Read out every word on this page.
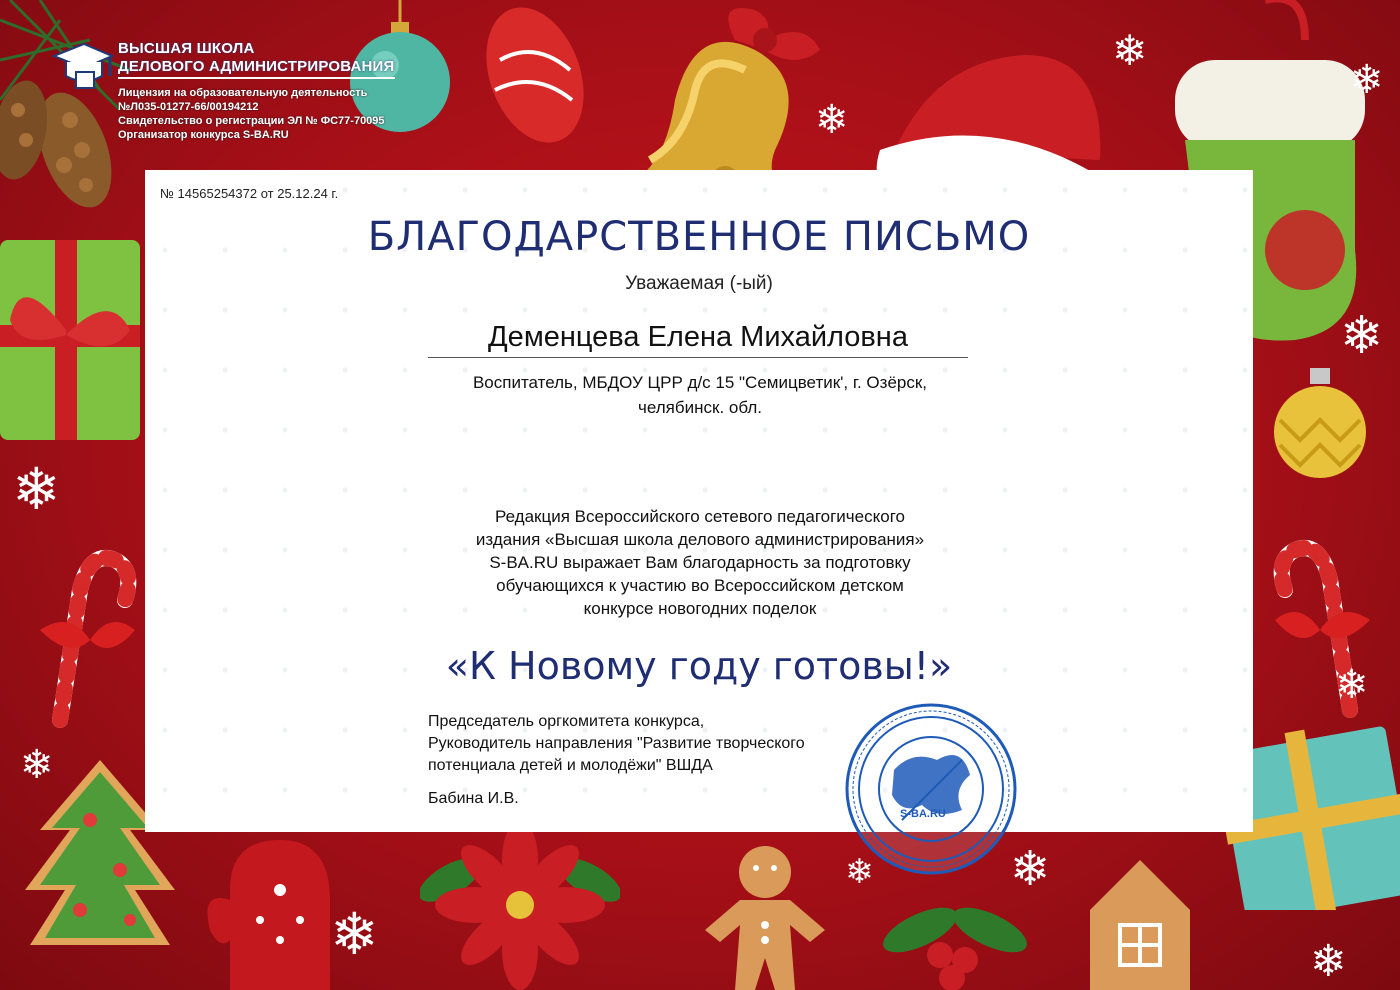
❄
❄
❄
❄
❄
❄
❄
❄
❄	❄
❄
ВЫСШАЯ ШКОЛА
ДЕЛОВОГО АДМИНИСТРИРОВАНИЯ
Лицензия на образовательную деятельность
№Л035-01277-66/00194212
Свидетельство о регистрации ЭЛ № ФС77-70095
Организатор конкурса S-BA.RU
№ 14565254372 от 25.12.24 г.
БЛАГОДАРСТВЕННОЕ ПИСЬМО
Уважаемая (-ый)
Деменцева Елена Михайловна
Воспитатель, МБДОУ ЦРР д/с 15 "Семицветик', г. Озёрск,
челябинск. обл.
Редакция Всероссийского сетевого педагогического
издания «Высшая школа делового администрирования»
S-BA.RU выражает Вам благодарность за подготовку
обучающихся к участию во Всероссийском детском
конкурсе новогодних поделок
«К Новому году готовы!»
Председатель оргкомитета конкурса,
Руководитель направления "Развитие творческого
потенциала детей и молодёжи" ВШДА
Бабина И.В.
S-BA.RU
